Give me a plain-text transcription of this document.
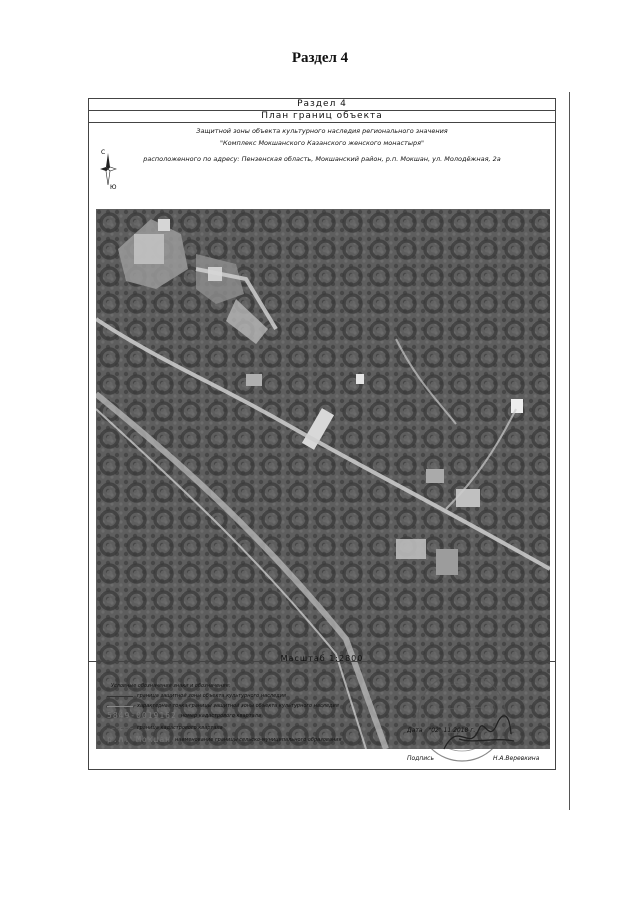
Раздел 4
Раздел 4
План границ объекта
Защитной зоны объекта культурного наследия регионального значения
"Комплекс Мокшанского Казанского женского монастыря"
расположенного по адресу: Пензенская область, Мокшанский район, р.п. Мокшан, ул. Молодёжная, 2а
С
Ю
Масштаб 1:2800
Условные обозначения знаки и обозначения:
граница защитной зоны объекта культурного наследия
характерная точка границы защитной зоны объекта культурного наследия
5849-0019162 номер кадастрового квартала
граница кадастрового квартала
р.п. Мокшан наименование границы сельско-муниципального образования
Дата "02" 11 2018 г.
Подпись	Н.А.Веревкина
